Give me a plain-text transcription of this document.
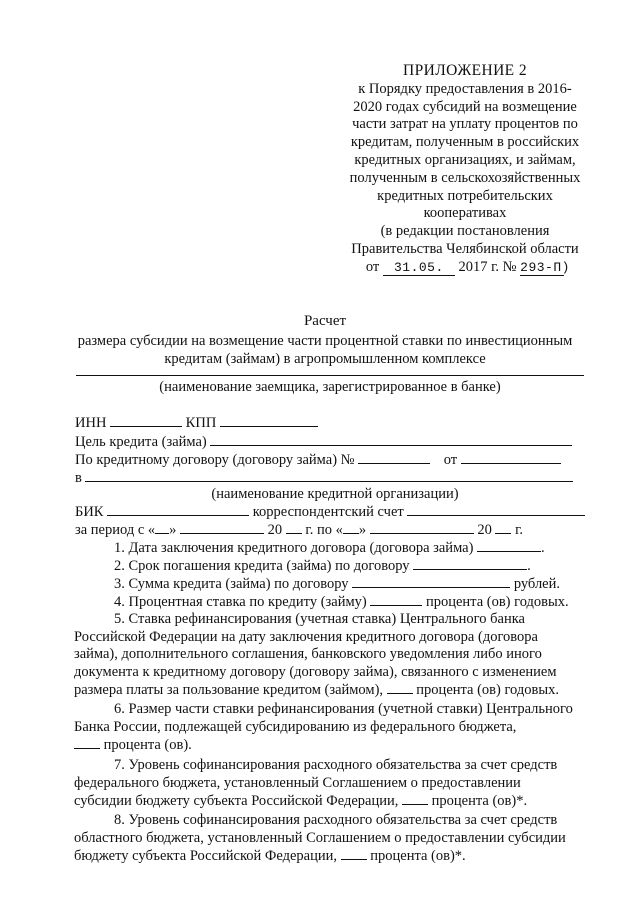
ПРИЛОЖЕНИЕ 2
к Порядку предоставления в 2016-
2020 годах субсидий на возмещение
части затрат на уплату процентов по
кредитам, полученным в российских
кредитных организациях, и займам,
полученным в сельскохозяйственных
кредитных потребительских
кооперативах
(в редакции постановления
Правительства Челябинской области
от 31.05. 2017 г. № 293-П)
Расчет
размера субсидии на возмещение части процентной ставки по инвестиционным
кредитам (займам) в агропромышленном комплексе
(наименование заемщика, зарегистрированное в банке)
ИНН	КПП
Цель кредита (займа)
По кредитному договору (договору займа) №	от
в
(наименование кредитной организации)
БИК	корреспондентский счет
за период с « »	20 г. по « »	20 г.
1. Дата заключения кредитного договора (договора займа)	.
2. Срок погашения кредита (займа) по договору	.
3. Сумма кредита (займа) по договору	рублей.
4. Процентная ставка по кредиту (займу)	процента (ов) годовых.

5. Ставка рефинансирования (учетная ставка) Центрального банка

Российской Федерации на дату заключения кредитного договора (договора

займа), дополнительного соглашения, банковского уведомления либо иного

документа к кредитному договору (договору займа), связанного с изменением

размера платы за пользование кредитом (займом), процента (ов) годовых.

6. Размер части ставки рефинансирования (учетной ставки) Центрального

Банка России, подлежащей субсидированию из федерального бюджета,

процента (ов).

7. Уровень софинансирования расходного обязательства за счет средств

федерального бюджета, установленный Соглашением о предоставлении

субсидии бюджету субъекта Российской Федерации, процента (ов)*.

8. Уровень софинансирования расходного обязательства за счет средств

областного бюджета, установленный Соглашением о предоставлении субсидии

бюджету субъекта Российской Федерации, процента (ов)*.
